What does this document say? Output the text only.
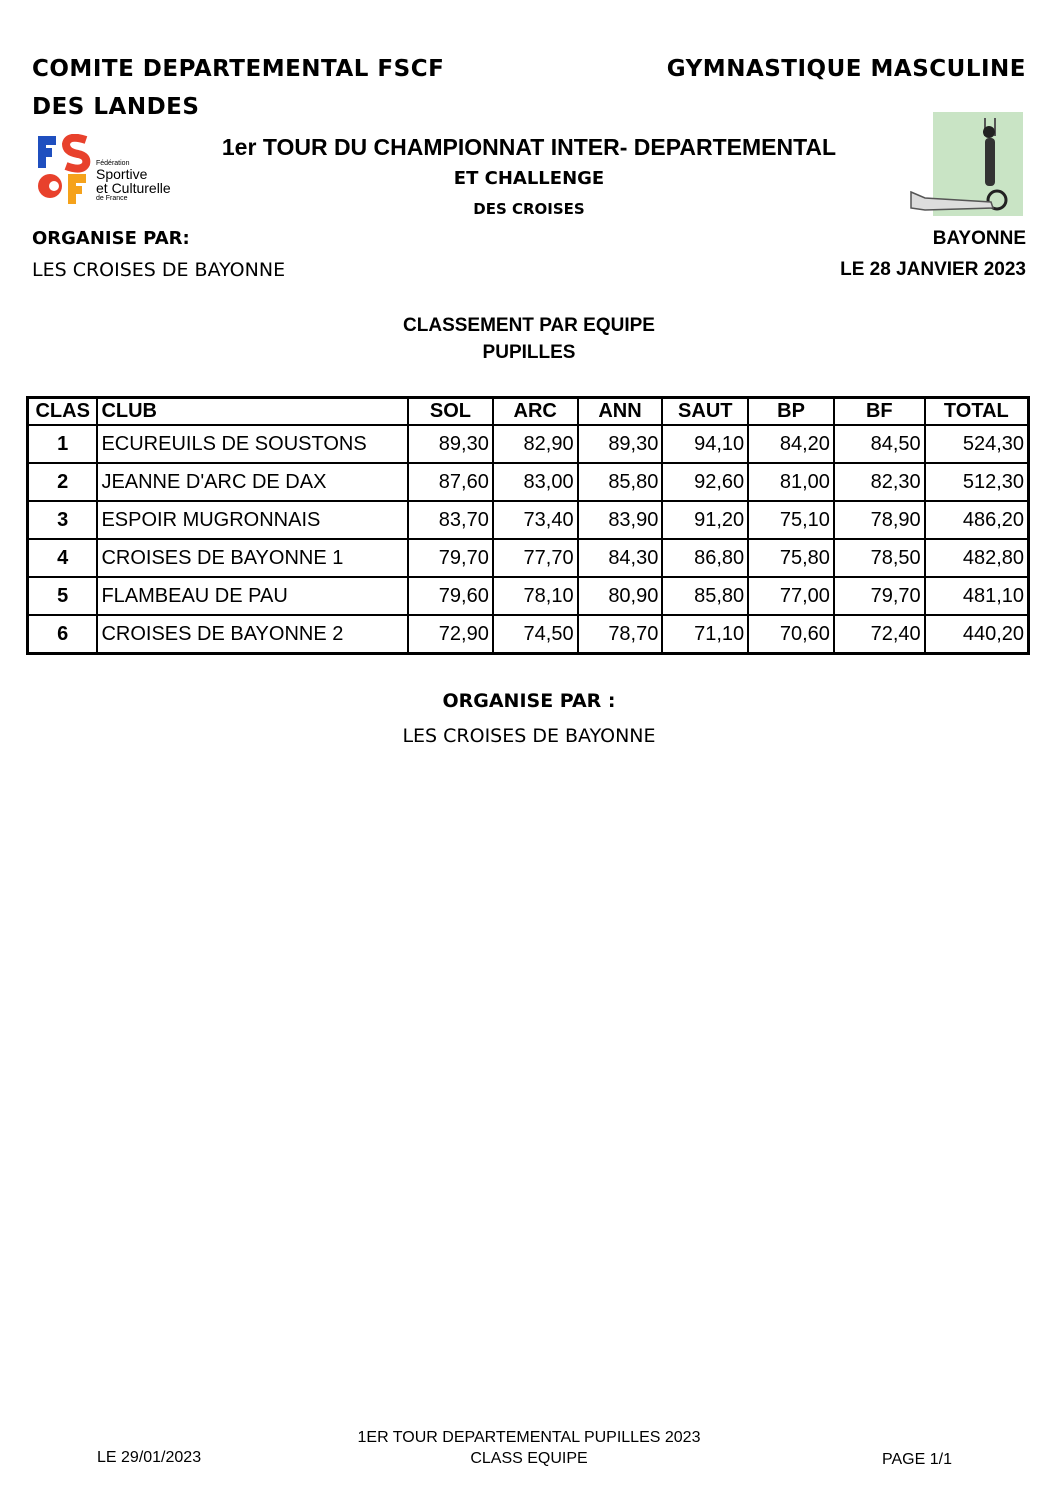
COMITE DEPARTEMENTAL FSCF
DES LANDES
GYMNASTIQUE MASCULINE
Fédération
Sportive
et Culturelle
de France
1er TOUR DU CHAMPIONNAT INTER- DEPARTEMENTAL
ET CHALLENGE
DES CROISES
ORGANISE PAR:
LES CROISES DE BAYONNE
BAYONNE
LE 28 JANVIER 2023
CLASSEMENT PAR EQUIPE
PUPILLES
CLAS	CLUB	SOL	ARC	ANN	SAUT	BP	BF	TOTAL
1	ECUREUILS DE SOUSTONS	89,30	82,90	89,30	94,10	84,20	84,50	524,30
2	JEANNE D'ARC DE DAX	87,60	83,00	85,80	92,60	81,00	82,30	512,30
3	ESPOIR MUGRONNAIS	83,70	73,40	83,90	91,20	75,10	78,90	486,20
4	CROISES DE BAYONNE 1	79,70	77,70	84,30	86,80	75,80	78,50	482,80
5	FLAMBEAU DE PAU	79,60	78,10	80,90	85,80	77,00	79,70	481,10
6	CROISES DE BAYONNE 2	72,90	74,50	78,70	71,10	70,60	72,40	440,20
ORGANISE PAR :
LES CROISES DE BAYONNE
1ER TOUR DEPARTEMENTAL PUPILLES 2023
CLASS EQUIPE
LE 29/01/2023	PAGE 1/1
